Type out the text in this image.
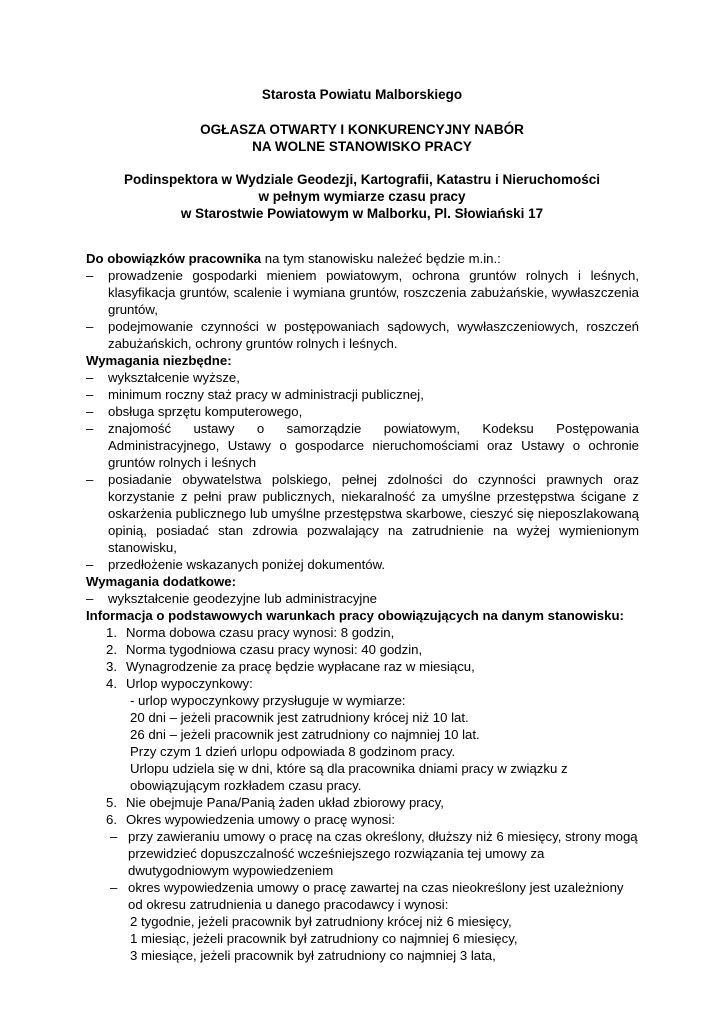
Starosta Powiatu Malborskiego
OGŁASZA OTWARTY I KONKURENCYJNY NABÓR
NA WOLNE STANOWISKO PRACY
Podinspektora w Wydziale Geodezji, Kartografii, Katastru i Nieruchomości
w pełnym wymiarze czasu pracy
w Starostwie Powiatowym w Malborku, Pl. Słowiański 17

Do obowiązków pracownika na tym stanowisku należeć będzie m.in.:

– prowadzenie gospodarki mieniem powiatowym, ochrona gruntów rolnych i leśnych, klasyfikacja gruntów, scalenie i wymiana gruntów, roszczenia zabużańskie, wywłaszczenia gruntów,

– podejmowanie czynności w postępowaniach sądowych, wywłaszczeniowych, roszczeń zabużańskich, ochrony gruntów rolnych i leśnych.

Wymagania niezbędne:

– wykształcenie wyższe,

– minimum roczny staż pracy w administracji publicznej,

– obsługa sprzętu komputerowego,

– znajomość ustawy o samorządzie powiatowym, Kodeksu Postępowania Administracyjnego, Ustawy o gospodarce nieruchomościami oraz Ustawy o ochronie gruntów rolnych i leśnych

– posiadanie obywatelstwa polskiego, pełnej zdolności do czynności prawnych oraz korzystanie z pełni praw publicznych, niekaralność za umyślne przestępstwa ścigane z oskarżenia publicznego lub umyślne przestępstwa skarbowe, cieszyć się nieposzlakowaną opinią, posiadać stan zdrowia pozwalający na zatrudnienie na wyżej wymienionym stanowisku,

– przedłożenie wskazanych poniżej dokumentów.

Wymagania dodatkowe:

– wykształcenie geodezyjne lub administracyjne

Informacja o podstawowych warunkach pracy obowiązujących na danym stanowisku:

1. Norma dobowa czasu pracy wynosi: 8 godzin,

2. Norma tygodniowa czasu pracy wynosi: 40 godzin,

3. Wynagrodzenie za pracę będzie wypłacane raz w miesiącu,

4. Urlop wypoczynkowy:

- urlop wypoczynkowy przysługuje w wymiarze:

20 dni – jeżeli pracownik jest zatrudniony krócej niż 10 lat.

26 dni – jeżeli pracownik jest zatrudniony co najmniej 10 lat.

Przy czym 1 dzień urlopu odpowiada 8 godzinom pracy.

Urlopu udziela się w dni, które są dla pracownika dniami pracy w związku z obowiązującym rozkładem czasu pracy.

5. Nie obejmuje Pana/Panią żaden układ zbiorowy pracy,

6. Okres wypowiedzenia umowy o pracę wynosi:

– przy zawieraniu umowy o pracę na czas określony, dłuższy niż 6 miesięcy, strony mogą przewidzieć dopuszczalność wcześniejszego rozwiązania tej umowy za dwutygodniowym wypowiedzeniem

– okres wypowiedzenia umowy o pracę zawartej na czas nieokreślony jest uzależniony od okresu zatrudnienia u danego pracodawcy i wynosi:

2 tygodnie, jeżeli pracownik był zatrudniony krócej niż 6 miesięcy,

1 miesiąc, jeżeli pracownik był zatrudniony co najmniej 6 miesięcy,

3 miesiące, jeżeli pracownik był zatrudniony co najmniej 3 lata,
